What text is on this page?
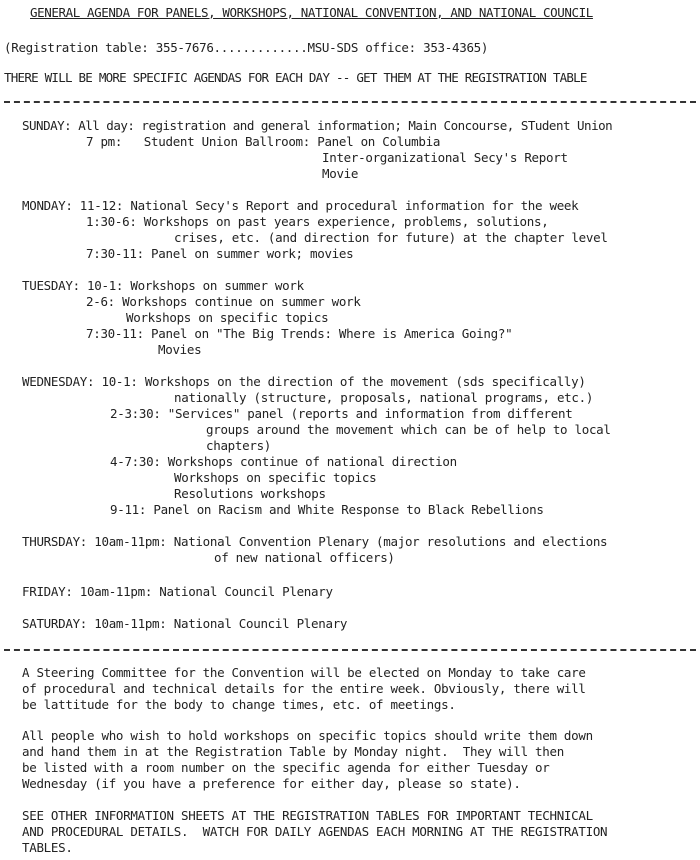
GENERAL AGENDA FOR PANELS, WORKSHOPS, NATIONAL CONVENTION, AND NATIONAL COUNCIL
(Registration table: 355-7676.............MSU-SDS office: 353-4365)
THERE WILL BE MORE SPECIFIC AGENDAS FOR EACH DAY -- GET THEM AT THE REGISTRATION TABLE
SUNDAY: All day: registration and general information; Main Concourse, STudent Union
7 pm:   Student Union Ballroom: Panel on Columbia
Inter-organizational Secy's Report
Movie
MONDAY: 11-12: National Secy's Report and procedural information for the week
1:30-6: Workshops on past years experience, problems, solutions,
crises, etc. (and direction for future) at the chapter level
7:30-11: Panel on summer work; movies
TUESDAY: 10-1: Workshops on summer work
2-6: Workshops continue on summer work
Workshops on specific topics
7:30-11: Panel on "The Big Trends: Where is America Going?"
Movies
WEDNESDAY: 10-1: Workshops on the direction of the movement (sds specifically)
nationally (structure, proposals, national programs, etc.)
2-3:30: "Services" panel (reports and information from different
groups around the movement which can be of help to local
chapters)
4-7:30: Workshops continue of national direction
Workshops on specific topics
Resolutions workshops
9-11: Panel on Racism and White Response to Black Rebellions
THURSDAY: 10am-11pm: National Convention Plenary (major resolutions and elections
of new national officers)
FRIDAY: 10am-11pm: National Council Plenary
SATURDAY: 10am-11pm: National Council Plenary
A Steering Committee for the Convention will be elected on Monday to take care
of procedural and technical details for the entire week. Obviously, there will
be lattitude for the body to change times, etc. of meetings.
All people who wish to hold workshops on specific topics should write them down
and hand them in at the Registration Table by Monday night.  They will then
be listed with a room number on the specific agenda for either Tuesday or
Wednesday (if you have a preference for either day, please so state).
SEE OTHER INFORMATION SHEETS AT THE REGISTRATION TABLES FOR IMPORTANT TECHNICAL
AND PROCEDURAL DETAILS.  WATCH FOR DAILY AGENDAS EACH MORNING AT THE REGISTRATION
TABLES.
